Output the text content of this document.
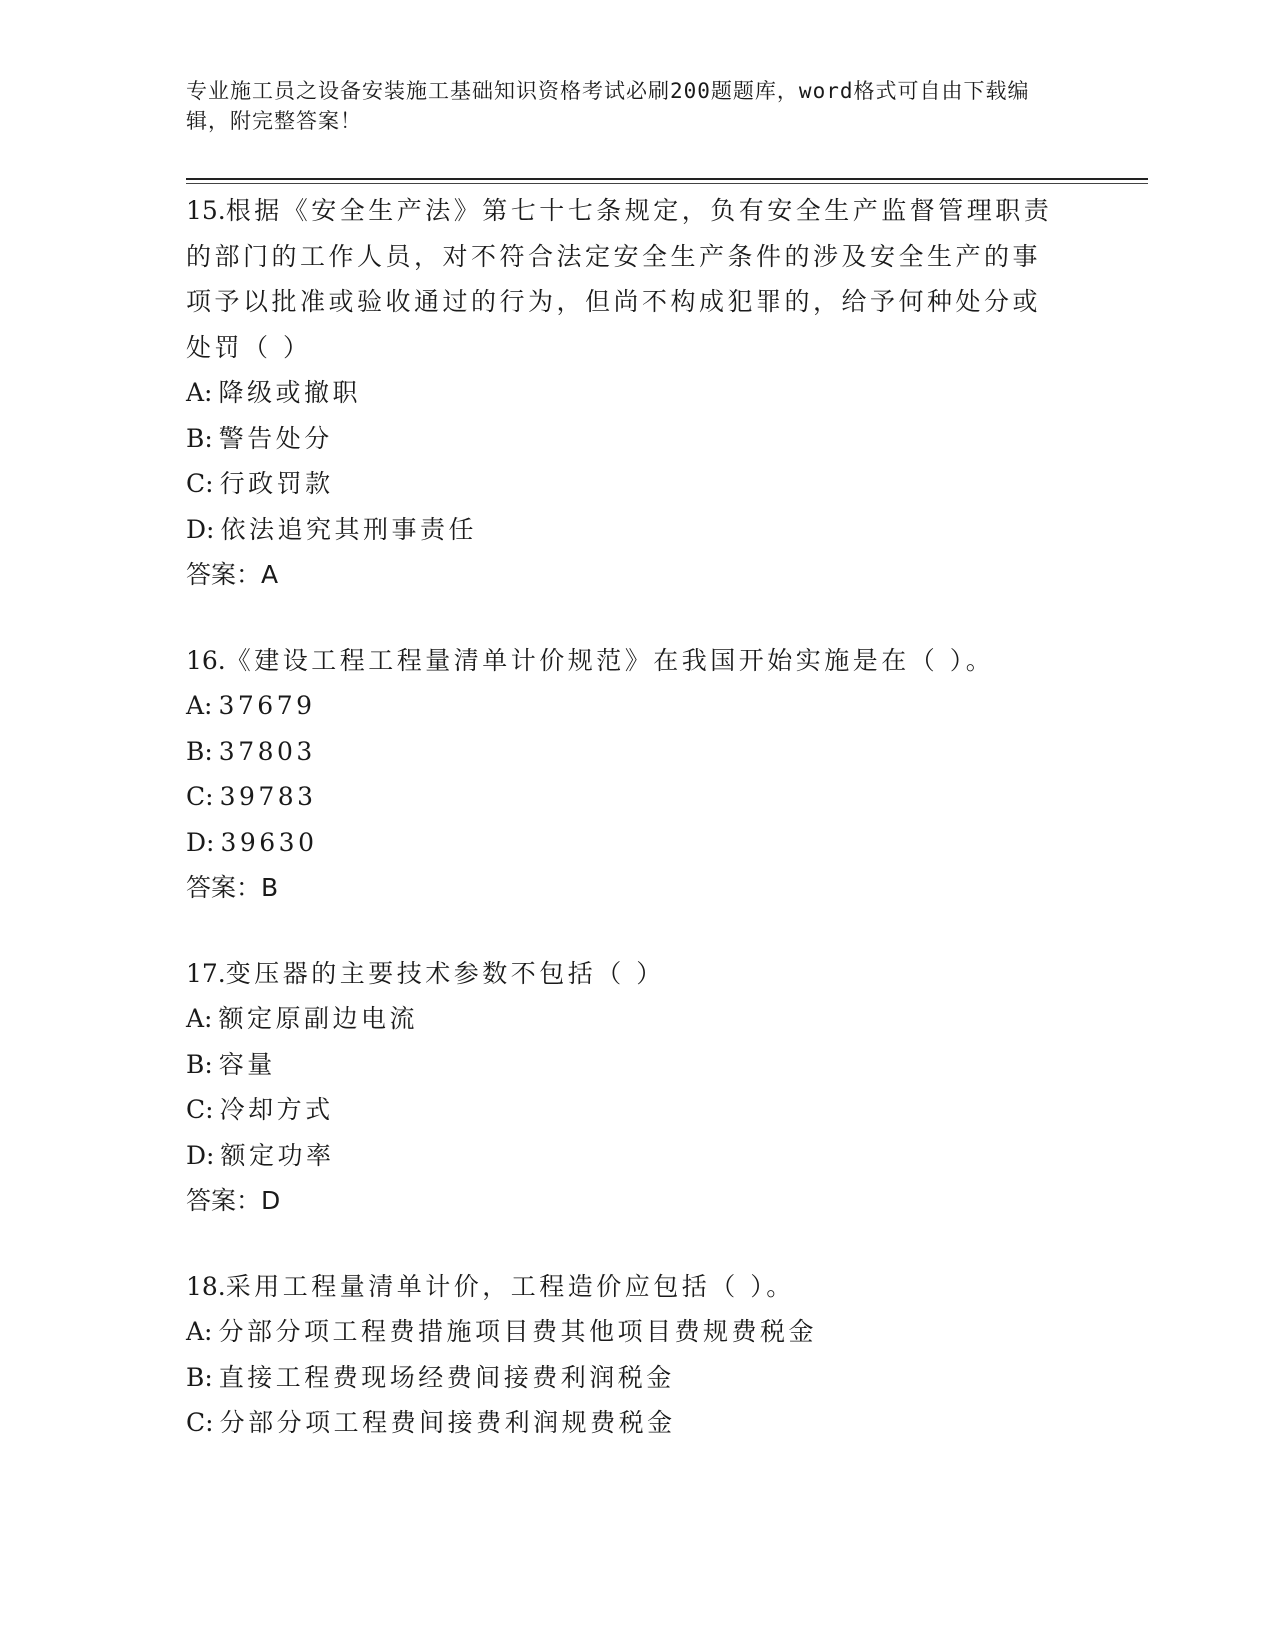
专业施工员之设备安装施工基础知识资格考试必刷200题题库，word格式可自由下载编辑，附完整答案！

15.根据《安全生产法》第七十七条规定，负有安全生产监督管理职责的部门的工作人员，对不符合法定安全生产条件的涉及安全生产的事项予以批准或验收通过的行为，但尚不构成犯罪的，给予何种处分或处罚（ ）

A: 降级或撤职

B: 警告处分

C: 行政罚款

D: 依法追究其刑事责任

答案：A

16.《建设工程工程量清单计价规范》在我国开始实施是在（ ）。

A: 37679

B: 37803

C: 39783

D: 39630

答案：B

17.变压器的主要技术参数不包括（ ）

A: 额定原副边电流

B: 容量

C: 冷却方式

D: 额定功率

答案：D

18.采用工程量清单计价，工程造价应包括（ ）。

A: 分部分项工程费措施项目费其他项目费规费税金

B: 直接工程费现场经费间接费利润税金

C: 分部分项工程费间接费利润规费税金
